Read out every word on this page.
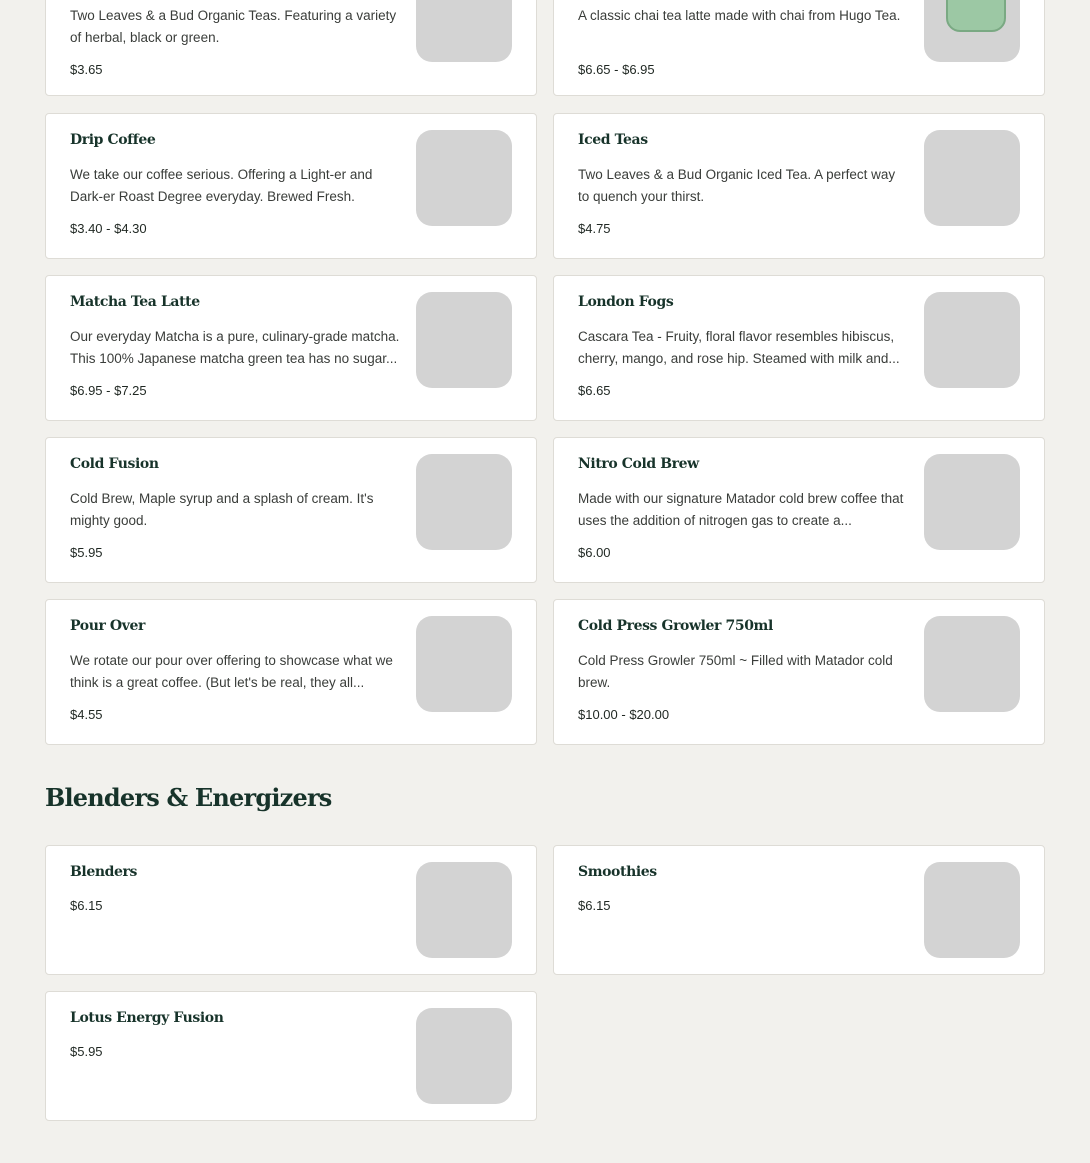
Two Leaves & a Bud Organic Teas. Featuring a variety of herbal, black or green.
$3.65
A classic chai tea latte made with chai from Hugo Tea.
$6.65 - $6.95
Drip Coffee
We take our coffee serious. Offering a Light-er and Dark-er Roast Degree everyday. Brewed Fresh.
$3.40 - $4.30
Iced Teas
Two Leaves & a Bud Organic Iced Tea. A perfect way to quench your thirst.
$4.75
Matcha Tea Latte
Our everyday Matcha is a pure, culinary-grade matcha. This 100% Japanese matcha green tea has no sugar...
$6.95 - $7.25
London Fogs
Cascara Tea - Fruity, floral flavor resembles hibiscus, cherry, mango, and rose hip. Steamed with milk and...
$6.65
Cold Fusion
Cold Brew, Maple syrup and a splash of cream. It's mighty good.
$5.95
Nitro Cold Brew
Made with our signature Matador cold brew coffee that uses the addition of nitrogen gas to create a...
$6.00
Pour Over
We rotate our pour over offering to showcase what we think is a great coffee. (But let's be real, they all...
$4.55
Cold Press Growler 750ml
Cold Press Growler 750ml ~ Filled with Matador cold brew.
$10.00 - $20.00
Blenders & Energizers
Blenders
$6.15
Smoothies
$6.15
Lotus Energy Fusion
$5.95
